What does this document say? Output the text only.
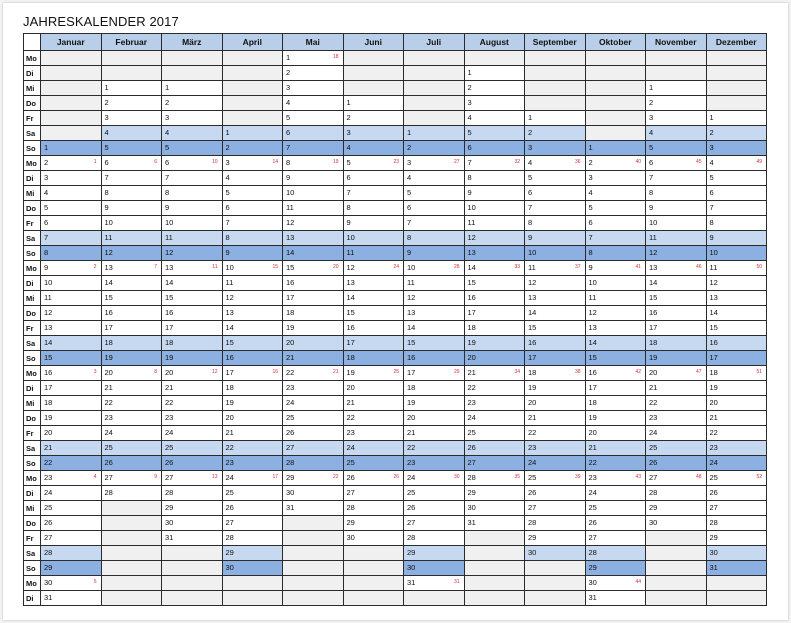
JAHRESKALENDER 2017
	Januar	Februar	März	April	Mai	Juni	Juli	August	September	Oktober	November	Dezember
Mo					1 18							

Di					2			1				

Mi		1	1		3			2			1	

Do		2	2		4	1		3			2	

Fr		3	3		5	2		4	1		3	1

Sa		4	4	1	6	3	1	5	2		4	2

So	1	5	5	2	7	4	2	6	3	1	5	3

Mo	2 1	6 6	6 10	3 14	8 19	5 23	3 27	7 32	4 36	2 40	6 45	4 49

Di	3	7	7	4	9	6	4	8	5	3	7	5

Mi	4	8	8	5	10	7	5	9	6	4	8	6

Do	5	9	9	6	11	8	6	10	7	5	9	7

Fr	6	10	10	7	12	9	7	11	8	6	10	8

Sa	7	11	11	8	13	10	8	12	9	7	11	9

So	8	12	12	9	14	11	9	13	10	8	12	10

Mo	9 2	13 7	13 11	10 15	15 20	12 24	10 28	14 33	11 37	9 41	13 46	11 50

Di	10	14	14	11	16	13	11	15	12	10	14	12

Mi	11	15	15	12	17	14	12	16	13	11	15	13

Do	12	16	16	13	18	15	13	17	14	12	16	14

Fr	13	17	17	14	19	16	14	18	15	13	17	15

Sa	14	18	18	15	20	17	15	19	16	14	18	16

So	15	19	19	16	21	18	16	20	17	15	19	17

Mo	16 3	20 8	20 12	17 16	22 21	19 25	17 29	21 34	18 38	16 42	20 47	18 51

Di	17	21	21	18	23	20	18	22	19	17	21	19

Mi	18	22	22	19	24	21	19	23	20	18	22	20

Do	19	23	23	20	25	22	20	24	21	19	23	21

Fr	20	24	24	21	26	23	21	25	22	20	24	22

Sa	21	25	25	22	27	24	22	26	23	21	25	23

So	22	26	26	23	28	25	23	27	24	22	26	24

Mo	23 4	27 9	27 13	24 17	29 22	26 26	24 30	28 35	25 39	23 43	27 48	25 52

Di	24	28	28	25	30	27	25	29	26	24	28	26

Mi	25		29	26	31	28	26	30	27	25	29	27

Do	26		30	27		29	27	31	28	26	30	28

Fr	27		31	28		30	28		29	27		29

Sa	28			29			29		30	28		30

So	29			30			30			29		31

Mo	30 5						31 31			30 44		

Di	31									31		
